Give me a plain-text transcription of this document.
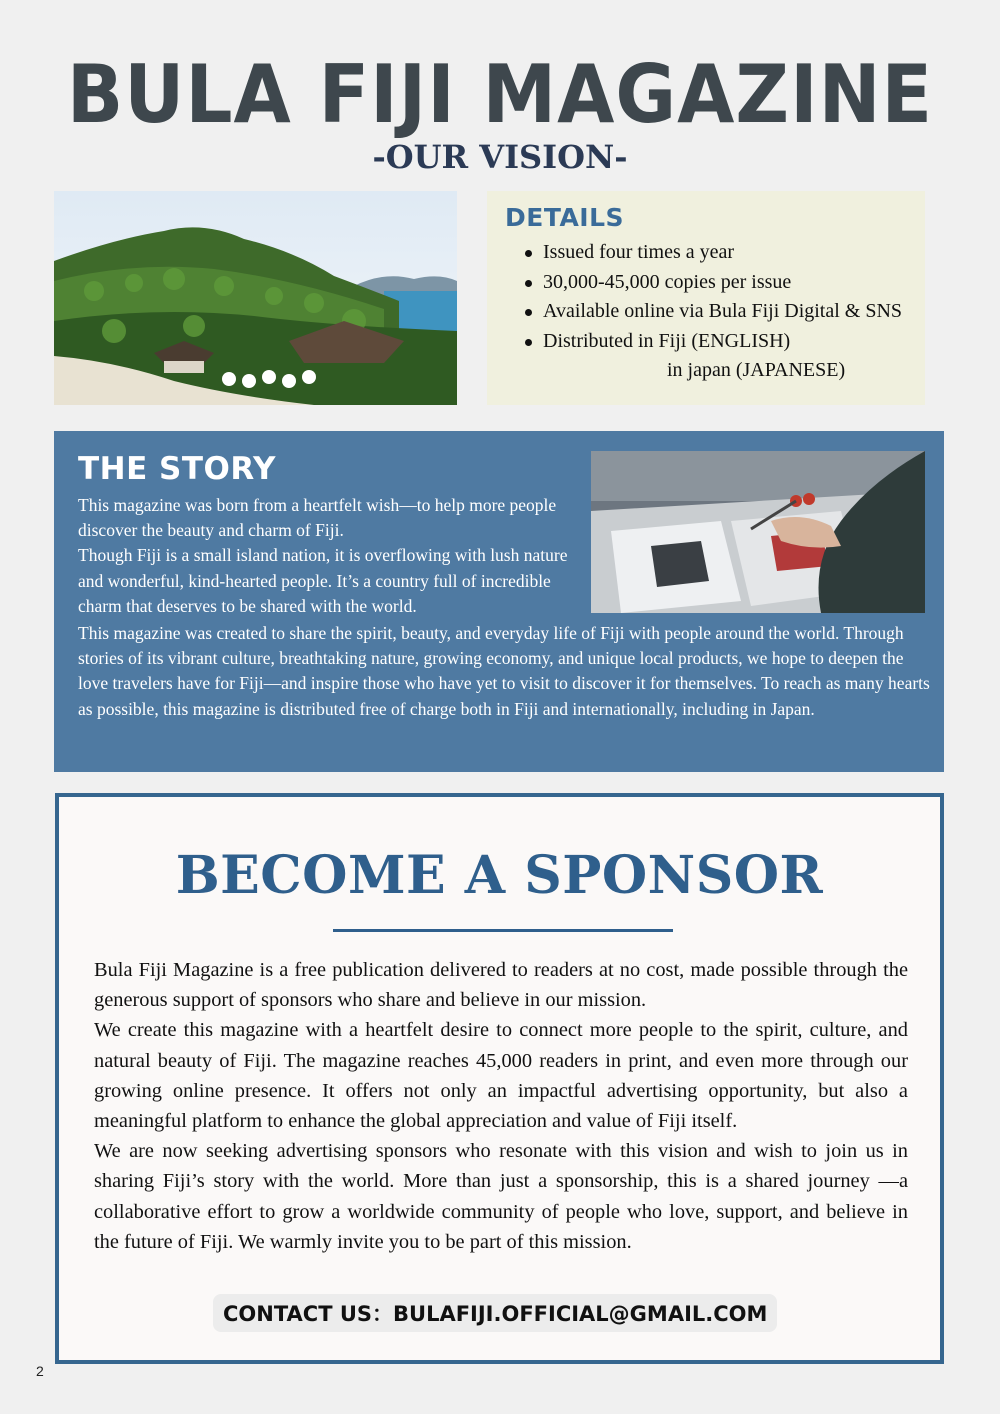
BULA FIJI MAGAZINE
-OUR VISION-
DETAILS
Issued four times a year
30,000-45,000 copies per issue
Available online via Bula Fiji Digital & SNS
Distributed in Fiji (ENGLISH)
in japan (JAPANESE)
THE STORY

This magazine was born from a heartfelt wish—to help more people discover the beauty and charm of Fiji.
Though Fiji is a small island nation, it is overflowing with lush nature and wonderful, kind-hearted people. It’s a country full of incredible charm that deserves to be shared with the world.

This magazine was created to share the spirit, beauty, and everyday life of Fiji with people around the world. Through stories of its vibrant culture, breathtaking nature, growing economy, and unique local products, we hope to deepen the love travelers have for Fiji—and inspire those who have yet to visit to discover it for themselves. To reach as many hearts as possible, this magazine is distributed free of charge both in Fiji and internationally, including in Japan.

BECOME A SPONSOR

Bula Fiji Magazine is a free publication delivered to readers at no cost, made possible through the generous support of sponsors who share and believe in our mission.

We create this magazine with a heartfelt desire to connect more people to the spirit, culture, and natural beauty of Fiji. The magazine reaches 45,000 readers in print, and even more through our growing online presence. It offers not only an impactful advertising opportunity, but also a meaningful platform to enhance the global appreciation and value of Fiji itself.

We are now seeking advertising sponsors who resonate with this vision and wish to join us in sharing Fiji’s story with the world. More than just a sponsorship, this is a shared journey —a collaborative effort to grow a worldwide community of people who love, support, and believe in the future of Fiji. We warmly invite you to be part of this mission.

CONTACT US：BULAFIJI.OFFICIAL@GMAIL.COM
2
